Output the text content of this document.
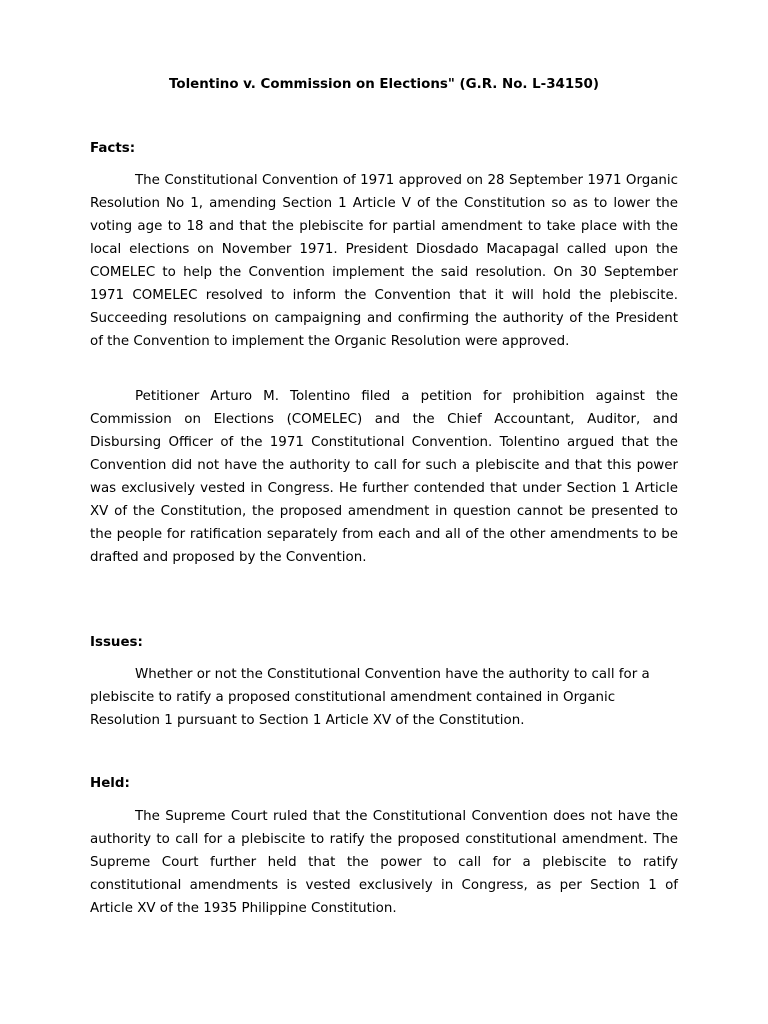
Tolentino v. Commission on Elections" (G.R. No. L-34150)
Facts:

The Constitutional Convention of 1971 approved on 28 September 1971 Organic Resolution No 1, amending Section 1 Article V of the Constitution so as to lower the voting age to 18 and that the plebiscite for partial amendment to take place with the local elections on November 1971. President Diosdado Macapagal called upon the COMELEC to help the Convention implement the said resolution. On 30 September 1971 COMELEC resolved to inform the Convention that it will hold the plebiscite. Succeeding resolutions on campaigning and confirming the authority of the President of the Convention to implement the Organic Resolution were approved.

Petitioner Arturo M. Tolentino filed a petition for prohibition against the Commission on Elections (COMELEC) and the Chief Accountant, Auditor, and Disbursing Officer of the 1971 Constitutional Convention. Tolentino argued that the Convention did not have the authority to call for such a plebiscite and that this power was exclusively vested in Congress. He further contended that under Section 1 Article XV of the Constitution, the proposed amendment in question cannot be presented to the people for ratification separately from each and all of the other amendments to be drafted and proposed by the Convention.

Issues:

Whether or not the Constitutional Convention have the authority to call for a plebiscite to ratify a proposed constitutional amendment contained in Organic Resolution 1 pursuant to Section 1 Article XV of the Constitution.

Held:

The Supreme Court ruled that the Constitutional Convention does not have the authority to call for a plebiscite to ratify the proposed constitutional amendment. The Supreme Court further held that the power to call for a plebiscite to ratify constitutional amendments is vested exclusively in Congress, as per Section 1 of Article XV of the 1935 Philippine Constitution.
